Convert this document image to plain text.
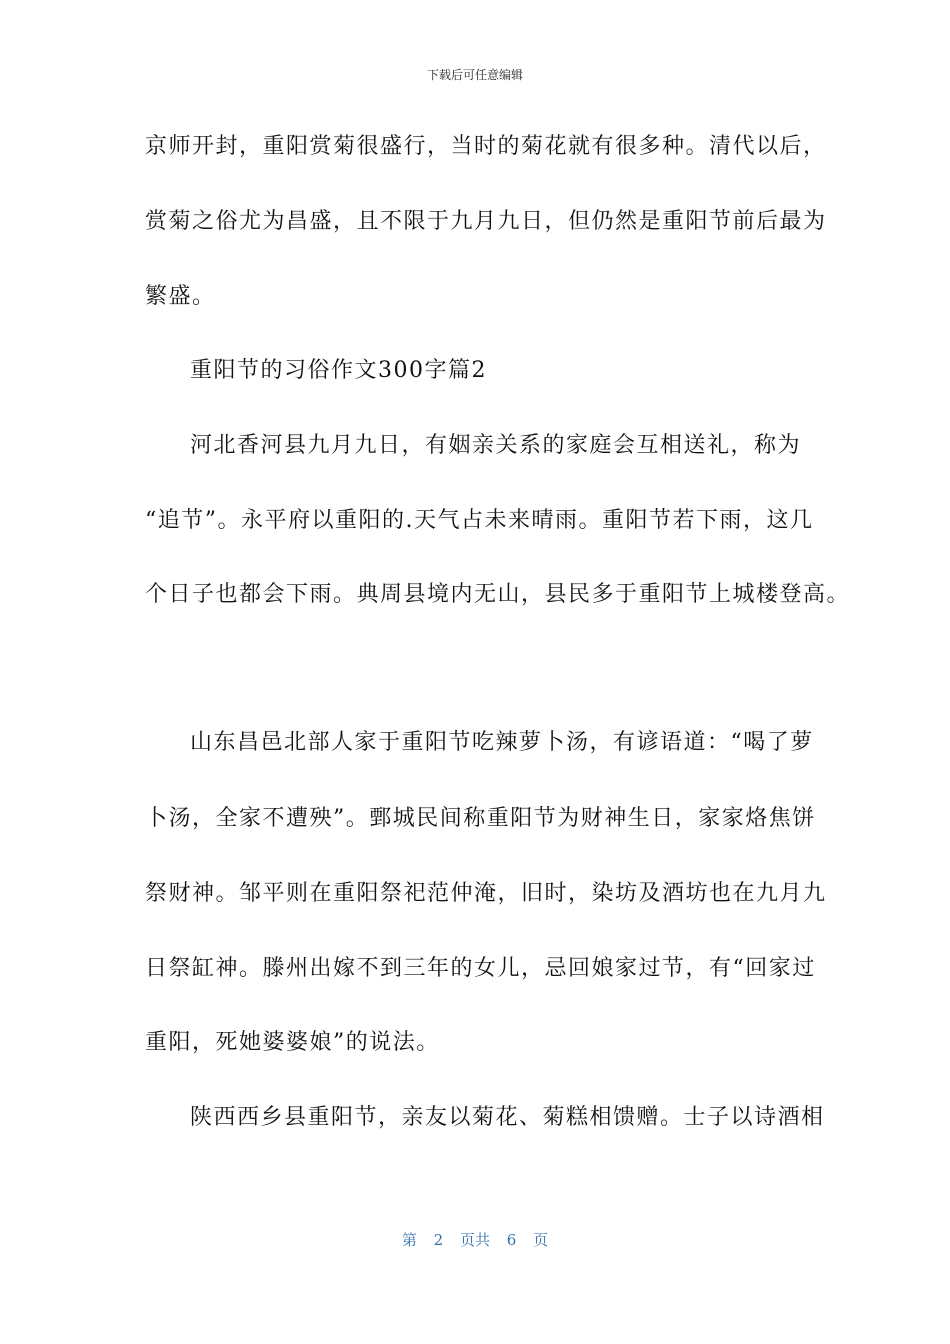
下载后可任意编辑
京师开封，重阳赏菊很盛行，当时的菊花就有很多种。清代以后，
赏菊之俗尤为昌盛，且不限于九月九日，但仍然是重阳节前后最为
繁盛。
重阳节的习俗作文300字篇2
河北香河县九月九日，有姻亲关系的家庭会互相送礼，称为
“追节”。永平府以重阳的.天气占未来晴雨。重阳节若下雨，这几
个日子也都会下雨。典周县境内无山，县民多于重阳节上城楼登高。
山东昌邑北部人家于重阳节吃辣萝卜汤，有谚语道：“喝了萝
卜汤，全家不遭殃”。鄄城民间称重阳节为财神生日，家家烙焦饼
祭财神。邹平则在重阳祭祀范仲淹，旧时，染坊及酒坊也在九月九
日祭缸神。滕州出嫁不到三年的女儿，忌回娘家过节，有“回家过
重阳，死她婆婆娘”的说法。
陕西西乡县重阳节，亲友以菊花、菊糕相馈赠。士子以诗酒相
第 2 页共 6 页
